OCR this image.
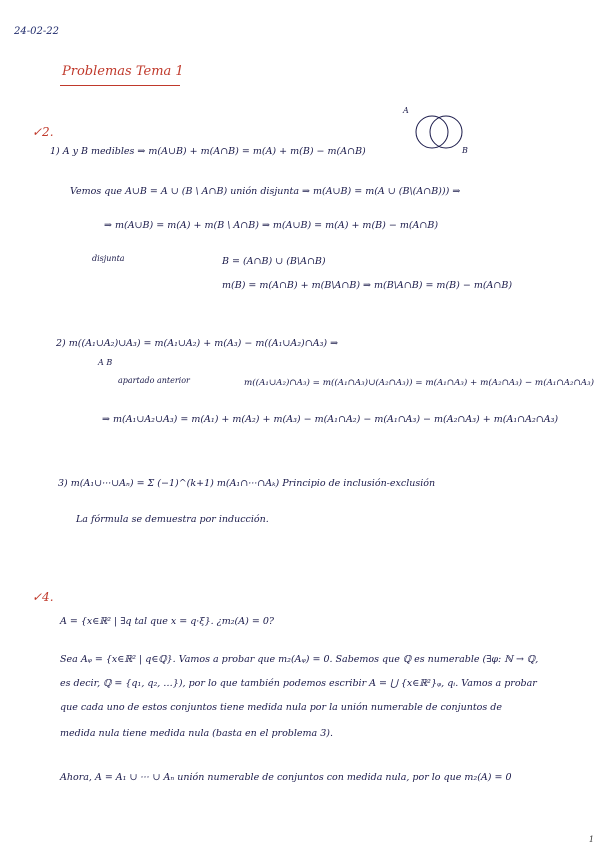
24-02-22
Problemas Tema 1
A
B
✓2.
1) A y B medibles ⇒ m(A∪B) + m(A∩B) = m(A) + m(B) − m(A∩B)
Vemos que A∪B = A ∪ (B \ A∩B) unión disjunta ⇒ m(A∪B) = m(A ∪ (B\(A∩B))) ⇒
⇒ m(A∪B) = m(A) + m(B \ A∩B) ⇒ m(A∪B) = m(A) + m(B) − m(A∩B)
disjunta	B = (A∩B) ∪ (B\A∩B)
m(B) = m(A∩B) + m(B\A∩B) ⇒ m(B\A∩B) = m(B) − m(A∩B)
2) m((A₁∪A₂)∪A₃) = m(A₁∪A₂) + m(A₃) − m((A₁∪A₂)∩A₃) ⇒
A B
apartado anterior	m((A₁∪A₂)∩A₃) = m((A₁∩A₃)∪(A₂∩A₃)) = m(A₁∩A₃) + m(A₂∩A₃) − m(A₁∩A₂∩A₃)
⇒ m(A₁∪A₂∪A₃) = m(A₁) + m(A₂) + m(A₃) − m(A₁∩A₂) − m(A₁∩A₃) − m(A₂∩A₃) + m(A₁∩A₂∩A₃)
3) m(A₁∪···∪Aₙ) = Σ (−1)^(k+1) m(A₁∩···∩Aₖ) Principio de inclusión-exclusión
La fórmula se demuestra por inducción.
✓4.
A = {x∈ℝ² | ∃q tal que x = q·ξ}. ¿m₂(A) = 0?
Sea Aᵩ = {x∈ℝ² | q∈ℚ}. Vamos a probar que m₂(Aᵩ) = 0. Sabemos que ℚ es numerable (∃φ: ℕ → ℚ,
es decir, ℚ = {q₁, q₂, …}), por lo que también podemos escribir A = ⋃ {x∈ℝ²}ᵩ, qᵢ. Vamos a probar
que cada uno de estos conjuntos tiene medida nula por la unión numerable de conjuntos de
medida nula tiene medida nula (basta en el problema 3).
Ahora, A = A₁ ∪ ··· ∪ Aₙ unión numerable de conjuntos con medida nula, por lo que m₂(A) = 0
1
